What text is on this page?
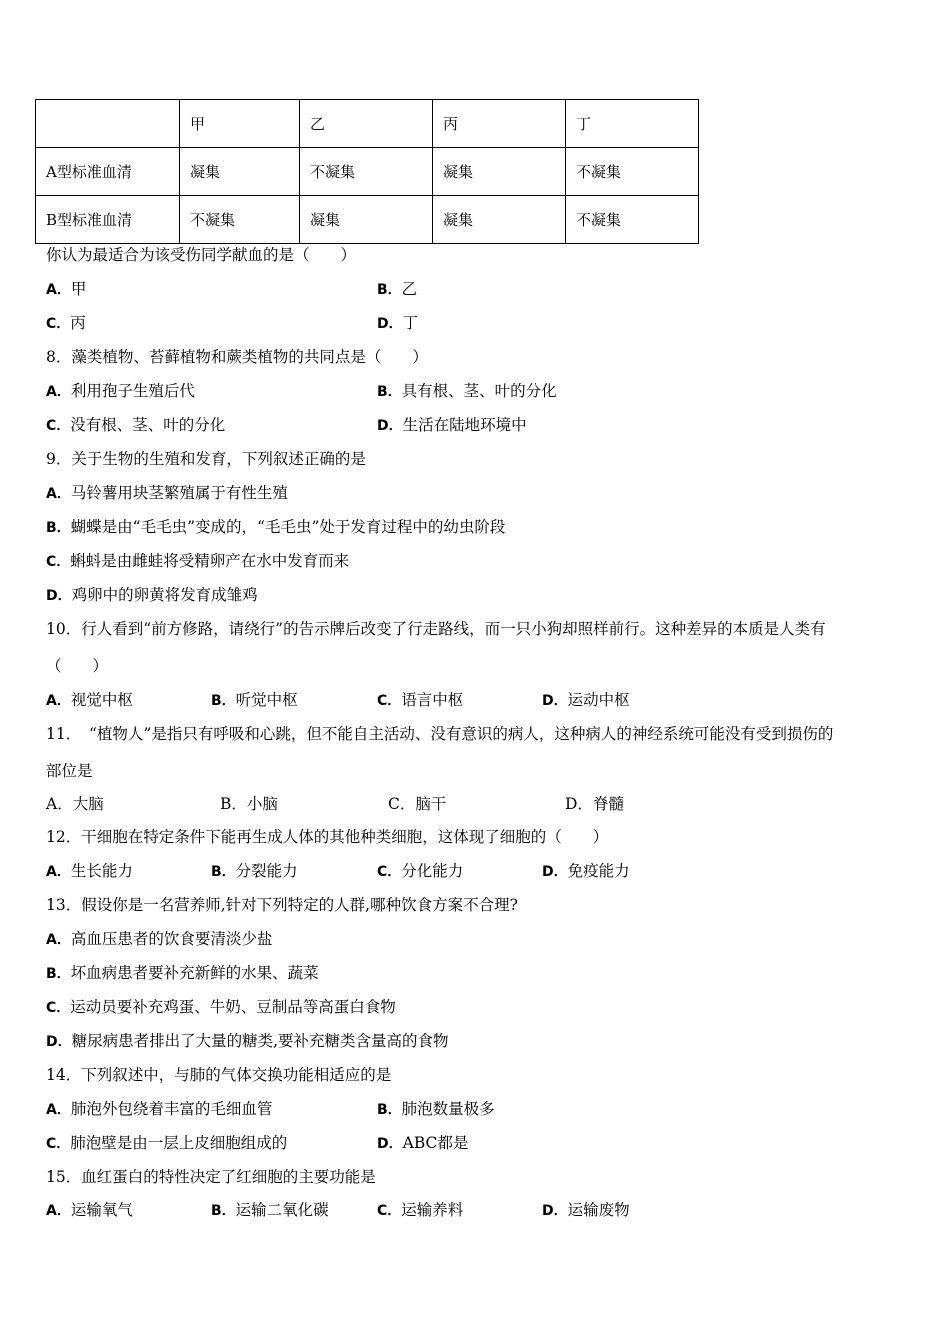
	甲	乙	丙	丁
A型标准血清	凝集	不凝集	凝集	不凝集
B型标准血清	不凝集	凝集	凝集	不凝集
你认为最适合为该受伤同学献血的是（　　）
A．甲	B．乙
C．丙	D．丁
8．藻类植物、苔藓植物和蕨类植物的共同点是（　　）
A．利用孢子生殖后代	B．具有根、茎、叶的分化
C．没有根、茎、叶的分化	D．生活在陆地环境中
9．关于生物的生殖和发育，下列叙述正确的是
A．马铃薯用块茎繁殖属于有性生殖
B．蝴蝶是由“毛毛虫”变成的，“毛毛虫”处于发育过程中的幼虫阶段
C．蝌蚪是由雌蛙将受精卵产在水中发育而来
D．鸡卵中的卵黄将发育成雏鸡
10．行人看到“前方修路，请绕行”的告示牌后改变了行走路线，而一只小狗却照样前行。这种差异的本质是人类有
（　　）
A．视觉中枢	B．听觉中枢	C．语言中枢	D．运动中枢
11．　“植物人”是指只有呼吸和心跳，但不能自主活动、没有意识的病人，这种病人的神经系统可能没有受到损伤的
部位是
A．大脑	B．小脑	C．脑干	D．脊髓
12．干细胞在特定条件下能再生成人体的其他种类细胞，这体现了细胞的（　　）
A．生长能力	B．分裂能力	C．分化能力	D．免疫能力
13．假设你是一名营养师,针对下列特定的人群,哪种饮食方案不合理?
A．高血压患者的饮食要清淡少盐
B．坏血病患者要补充新鲜的水果、蔬菜
C．运动员要补充鸡蛋、牛奶、豆制品等高蛋白食物
D．糖尿病患者排出了大量的糖类,要补充糖类含量高的食物
14．下列叙述中，与肺的气体交换功能相适应的是
A．肺泡外包绕着丰富的毛细血管	B．肺泡数量极多
C．肺泡壁是由一层上皮细胞组成的	D．ABC都是
15．血红蛋白的特性决定了红细胞的主要功能是
A．运输氧气	B．运输二氧化碳	C．运输养料	D．运输废物
